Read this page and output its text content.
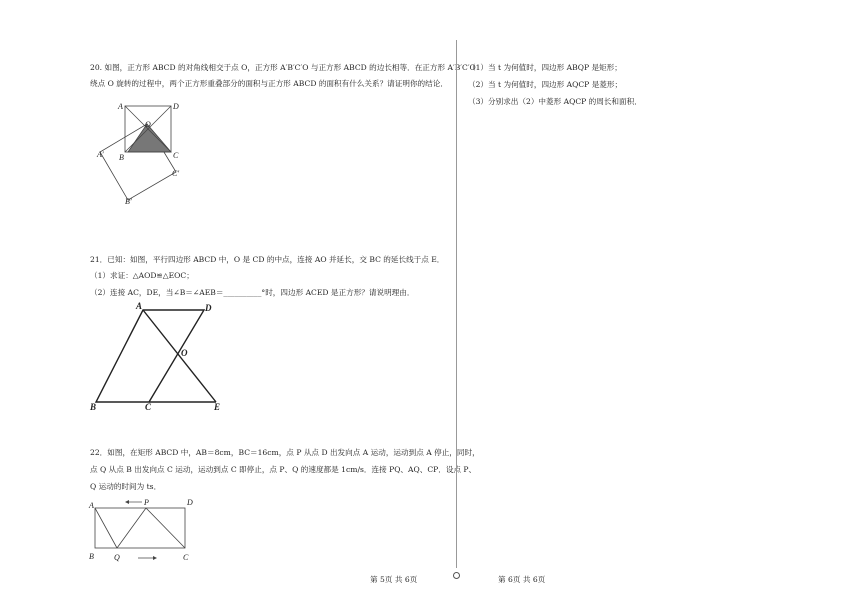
20. 如图，正方形 ABCD 的对角线相交于点 O，正方形 A′B′C′O 与正方形 ABCD 的边长相等．在正方形 A′B′C′O
绕点 O 旋转的过程中，两个正方形重叠部分的面积与正方形 ABCD 的面积有什么关系？请证明你的结论．
A	D
O
A′ B	C
C′
B′
21．已知：如图，平行四边形 ABCD 中，O 是 CD 的中点，连接 AO 并延长，交 BC 的延长线于点 E．
（1）求证：△AOD≌△EOC；
（2）连接 AC，DE，当∠B＝∠AEB＝__________°时，四边形 ACED 是正方形？请说明理由．
A	D
O
B	C	E
22．如图，在矩形 ABCD 中，AB＝8cm，BC＝16cm，点 P 从点 D 出发向点 A 运动，运动到点 A 停止，同时，
点 Q 从点 B 出发向点 C 运动，运动到点 C 即停止，点 P、Q 的速度都是 1cm/s．连接 PQ、AQ、CP．设点 P、
Q 运动的时间为 ts．
A	P	D
B	Q	C
（1）当 t 为何值时，四边形 ABQP 是矩形；
（2）当 t 为何值时，四边形 AQCP 是菱形；
（3）分别求出（2）中菱形 AQCP 的周长和面积．
第 5页 共 6页	第 6页 共 6页
